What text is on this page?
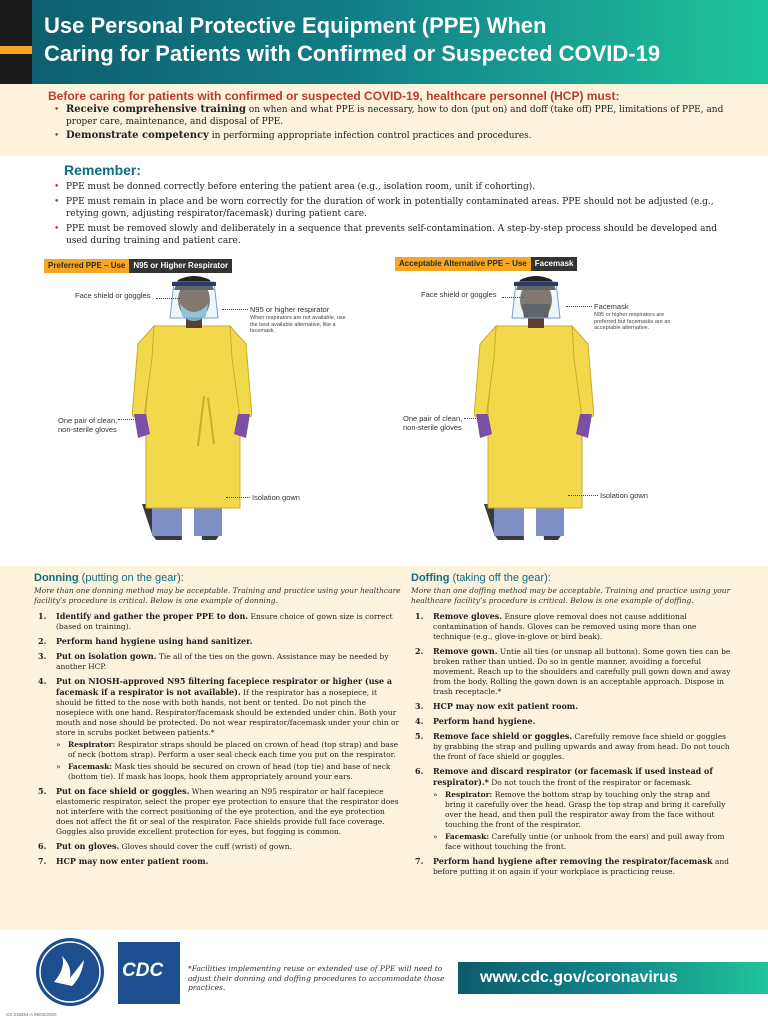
Use Personal Protective Equipment (PPE) When
Caring for Patients with Confirmed or Suspected COVID-19
Before caring for patients with confirmed or suspected COVID-19, healthcare personnel (HCP) must:
• Receive comprehensive training on when and what PPE is necessary, how to don (put on) and doff (take off) PPE, limitations of PPE, and proper care, maintenance, and disposal of PPE.
• Demonstrate competency in performing appropriate infection control practices and procedures.
Remember:
• PPE must be donned correctly before entering the patient area (e.g., isolation room, unit if cohorting).
• PPE must remain in place and be worn correctly for the duration of work in potentially contaminated areas. PPE should not be adjusted (e.g., retying gown, adjusting respirator/facemask) during patient care.
• PPE must be removed slowly and deliberately in a sequence that prevents self-contamination. A step-by-step process should be developed and used during training and patient care.
Preferred PPE – Use N95 or Higher Respirator
Face shield or goggles
N95 or higher respirator
When respirators are not available, use the best available alternative, like a facemask.
One pair of clean, non-sterile gloves
Isolation gown
Acceptable Alternative PPE – Use Facemask
Face shield or goggles
Facemask
N95 or higher respirators are preferred but facemasks are an acceptable alternative.
One pair of clean, non-sterile gloves
Isolation gown
Donning (putting on the gear):
More than one donning method may be acceptable. Training and practice using your healthcare facility’s procedure is critical. Below is one example of donning.
1. Identify and gather the proper PPE to don. Ensure choice of gown size is correct (based on training).
2. Perform hand hygiene using hand sanitizer.
3. Put on isolation gown. Tie all of the ties on the gown. Assistance may be needed by another HCP.
4. Put on NIOSH-approved N95 filtering facepiece respirator or higher (use a facemask if a respirator is not available). If the respirator has a nosepiece, it should be fitted to the nose with both hands, not bent or tented. Do not pinch the nosepiece with one hand. Respirator/facemask should be extended under chin. Both your mouth and nose should be protected. Do not wear respirator/facemask under your chin or store in scrubs pocket between patients.*
» Respirator: Respirator straps should be placed on crown of head (top strap) and base of neck (bottom strap). Perform a user seal check each time you put on the respirator.
» Facemask: Mask ties should be secured on crown of head (top tie) and base of neck (bottom tie). If mask has loops, hook them appropriately around your ears.
5. Put on face shield or goggles. When wearing an N95 respirator or half facepiece elastomeric respirator, select the proper eye protection to ensure that the respirator does not interfere with the correct positioning of the eye protection, and the eye protection does not affect the fit or seal of the respirator. Face shields provide full face coverage. Goggles also provide excellent protection for eyes, but fogging is common.
6. Put on gloves. Gloves should cover the cuff (wrist) of gown.
7. HCP may now enter patient room.
Doffing (taking off the gear):
More than one doffing method may be acceptable. Training and practice using your healthcare facility’s procedure is critical. Below is one example of doffing.
1. Remove gloves. Ensure glove removal does not cause additional contamination of hands. Gloves can be removed using more than one technique (e.g., glove-in-glove or bird beak).
2. Remove gown. Untie all ties (or unsnap all buttons). Some gown ties can be broken rather than untied. Do so in gentle manner, avoiding a forceful movement. Reach up to the shoulders and carefully pull gown down and away from the body. Rolling the gown down is an acceptable approach. Dispose in trash receptacle.*
3. HCP may now exit patient room.
4. Perform hand hygiene.
5. Remove face shield or goggles. Carefully remove face shield or goggles by grabbing the strap and pulling upwards and away from head. Do not touch the front of face shield or goggles.
6. Remove and discard respirator (or facemask if used instead of respirator).* Do not touch the front of the respirator or facemask.
» Respirator: Remove the bottom strap by touching only the strap and bring it carefully over the head. Grasp the top strap and bring it carefully over the head, and then pull the respirator away from the face without touching the front of the respirator.
» Facemask: Carefully untie (or unhook from the ears) and pull away from face without touching the front.
7. Perform hand hygiene after removing the respirator/facemask and before putting it on again if your workplace is practicing reuse.
CDC	*Facilities implementing reuse or extended use of PPE will need to adjust their donning and doffing procedures to accommodate those practices.
www.cdc.gov/coronavirus
CS 316264-A 06/02/2020
